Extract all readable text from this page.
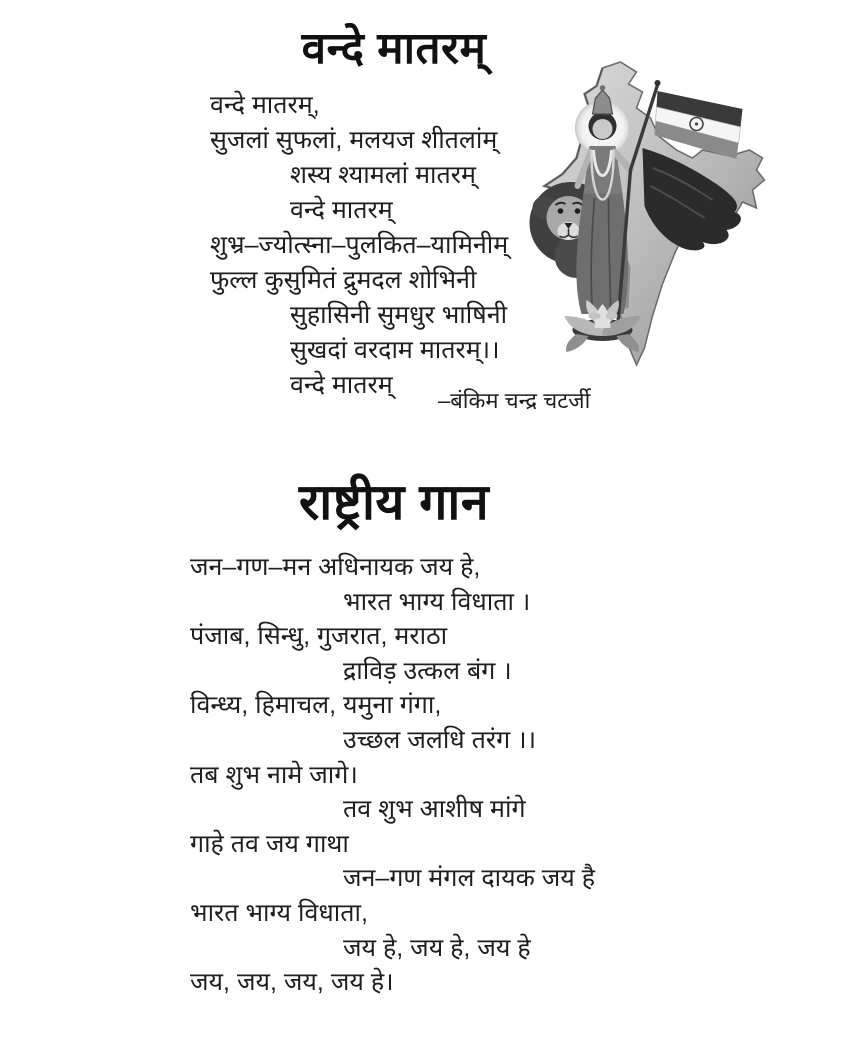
वन्दे मातरम्
वन्दे मातरम्,
सुजलां सुफलां, मलयज शीतलांम्
शस्य श्यामलां मातरम्
वन्दे मातरम्
शुभ्र–ज्योत्स्ना–पुलकित–यामिनीम्
फुल्ल कुसुमितं द्रुमदल शोभिनी
सुहासिनी सुमधुर भाषिनी
सुखदां वरदाम मातरम्।।
वन्दे मातरम्
–बंकिम चन्द्र चटर्जी
राष्ट्रीय गान
जन–गण–मन अधिनायक जय हे,
भारत भाग्य विधाता ।
पंजाब, सिन्धु, गुजरात, मराठा
द्राविड़ उत्कल बंग ।
विन्ध्य, हिमाचल, यमुना गंगा,
उच्छल जलधि तरंग ।।
तब शुभ नामे जागे।
तव शुभ आशीष मांगे
गाहे तव जय गाथा
जन–गण मंगल दायक जय है
भारत भाग्य विधाता,
जय हे, जय हे, जय हे
जय, जय, जय, जय हे।
